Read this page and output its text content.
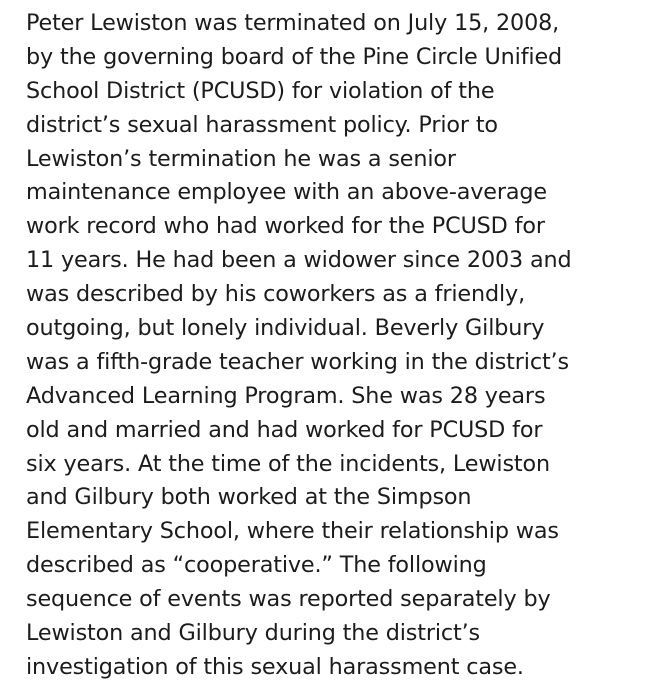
Peter Lewiston was terminated on July 15, 2008,
by the governing board of the Pine Circle Unified
School District (PCUSD) for violation of the
district’s sexual harassment policy. Prior to
Lewiston’s termination he was a senior
maintenance employee with an above-average
work record who had worked for the PCUSD for
11 years. He had been a widower since 2003 and
was described by his coworkers as a friendly,
outgoing, but lonely individual. Beverly Gilbury
was a fifth-grade teacher working in the district’s
Advanced Learning Program. She was 28 years
old and married and had worked for PCUSD for
six years. At the time of the incidents, Lewiston
and Gilbury both worked at the Simpson
Elementary School, where their relationship was
described as “cooperative.” The following
sequence of events was reported separately by
Lewiston and Gilbury during the district’s
investigation of this sexual harassment case.
